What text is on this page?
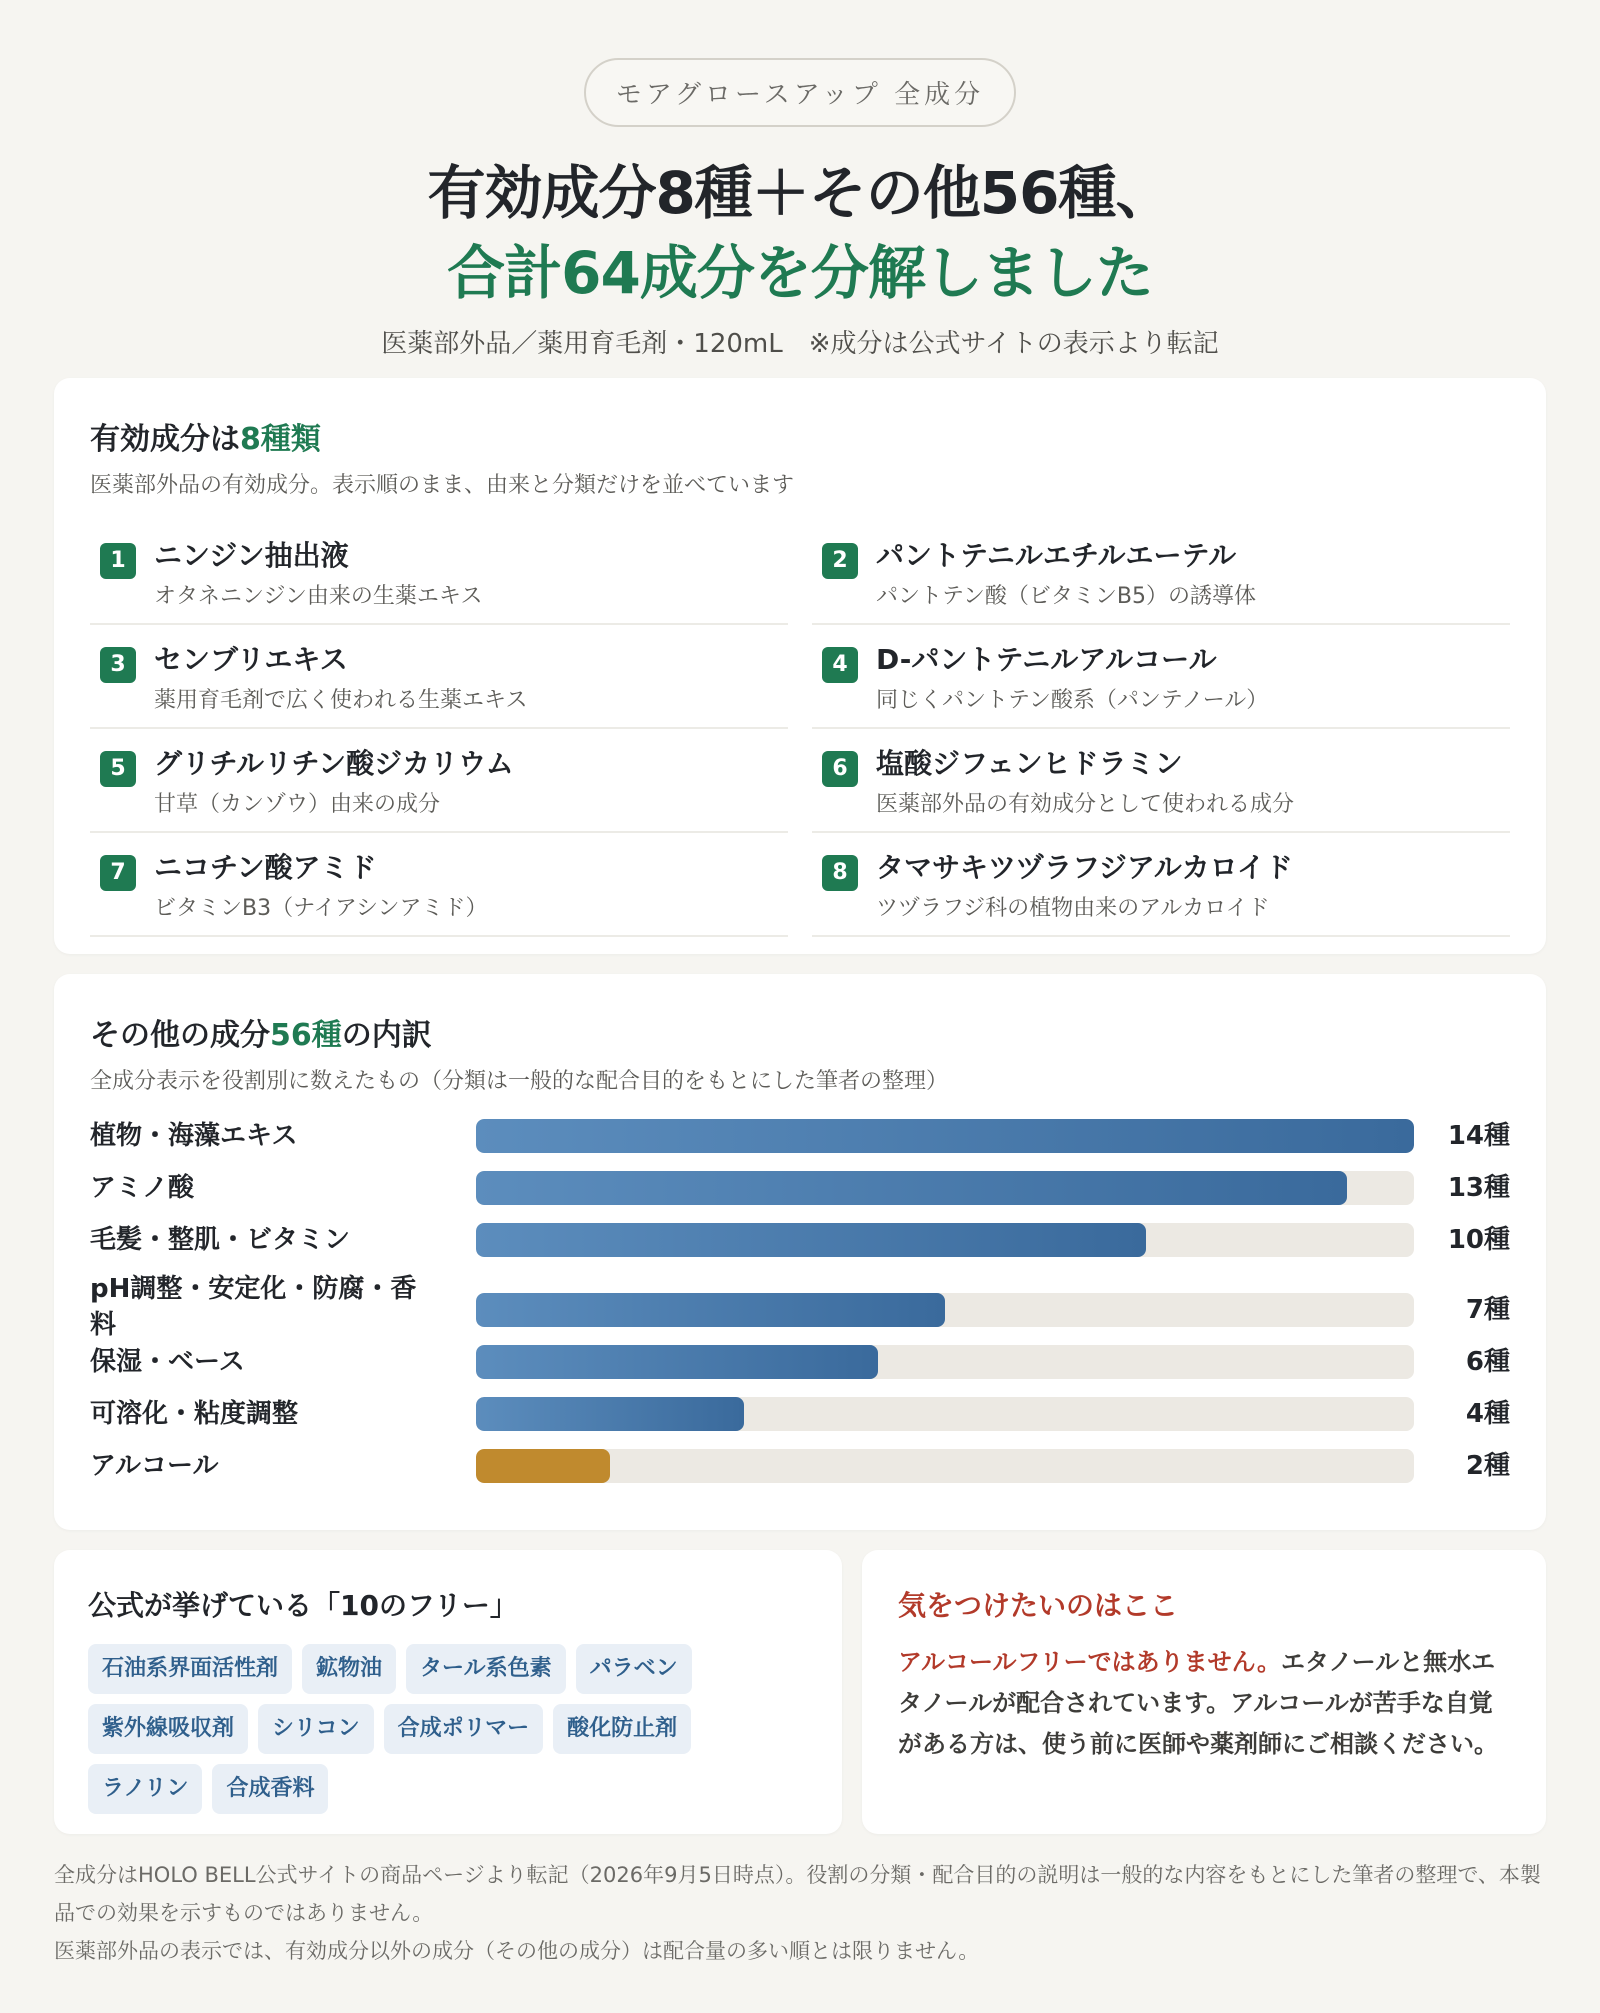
モアグロースアップ 全成分
有効成分8種＋その他56種、
合計64成分を分解しました
医薬部外品／薬用育毛剤・120mL　※成分は公式サイトの表示より転記
有効成分は8種類
医薬部外品の有効成分。表示順のまま、由来と分類だけを並べています
1	ニンジン抽出液
オタネニンジン由来の生薬エキス
2	パントテニルエチルエーテル
パントテン酸（ビタミンB5）の誘導体
3	センブリエキス
薬用育毛剤で広く使われる生薬エキス
4	D-パントテニルアルコール
同じくパントテン酸系（パンテノール）
5	グリチルリチン酸ジカリウム
甘草（カンゾウ）由来の成分
6	塩酸ジフェンヒドラミン
医薬部外品の有効成分として使われる成分
7	ニコチン酸アミド
ビタミンB3（ナイアシンアミド）
8	タマサキツヅラフジアルカロイド
ツヅラフジ科の植物由来のアルカロイド
その他の成分56種の内訳
全成分表示を役割別に数えたもの（分類は一般的な配合目的をもとにした筆者の整理）
植物・海藻エキス	14種
アミノ酸	13種
毛髪・整肌・ビタミン	10種
pH調整・安定化・防腐・香料	7種
保湿・ベース	6種
可溶化・粘度調整	4種
アルコール	2種
公式が挙げている「10のフリー」
石油系界面活性剤	鉱物油	タール系色素	パラベン
紫外線吸収剤	シリコン	合成ポリマー	酸化防止剤
ラノリン	合成香料
気をつけたいのはここ
アルコールフリーではありません。エタノールと無水エタノールが配合されています。アルコールが苦手な自覚がある方は、使う前に医師や薬剤師にご相談ください。
全成分はHOLO BELL公式サイトの商品ページより転記（2026年9月5日時点）。役割の分類・配合目的の説明は一般的な内容をもとにした筆者の整理で、本製品での効果を示すものではありません。
医薬部外品の表示では、有効成分以外の成分（その他の成分）は配合量の多い順とは限りません。
